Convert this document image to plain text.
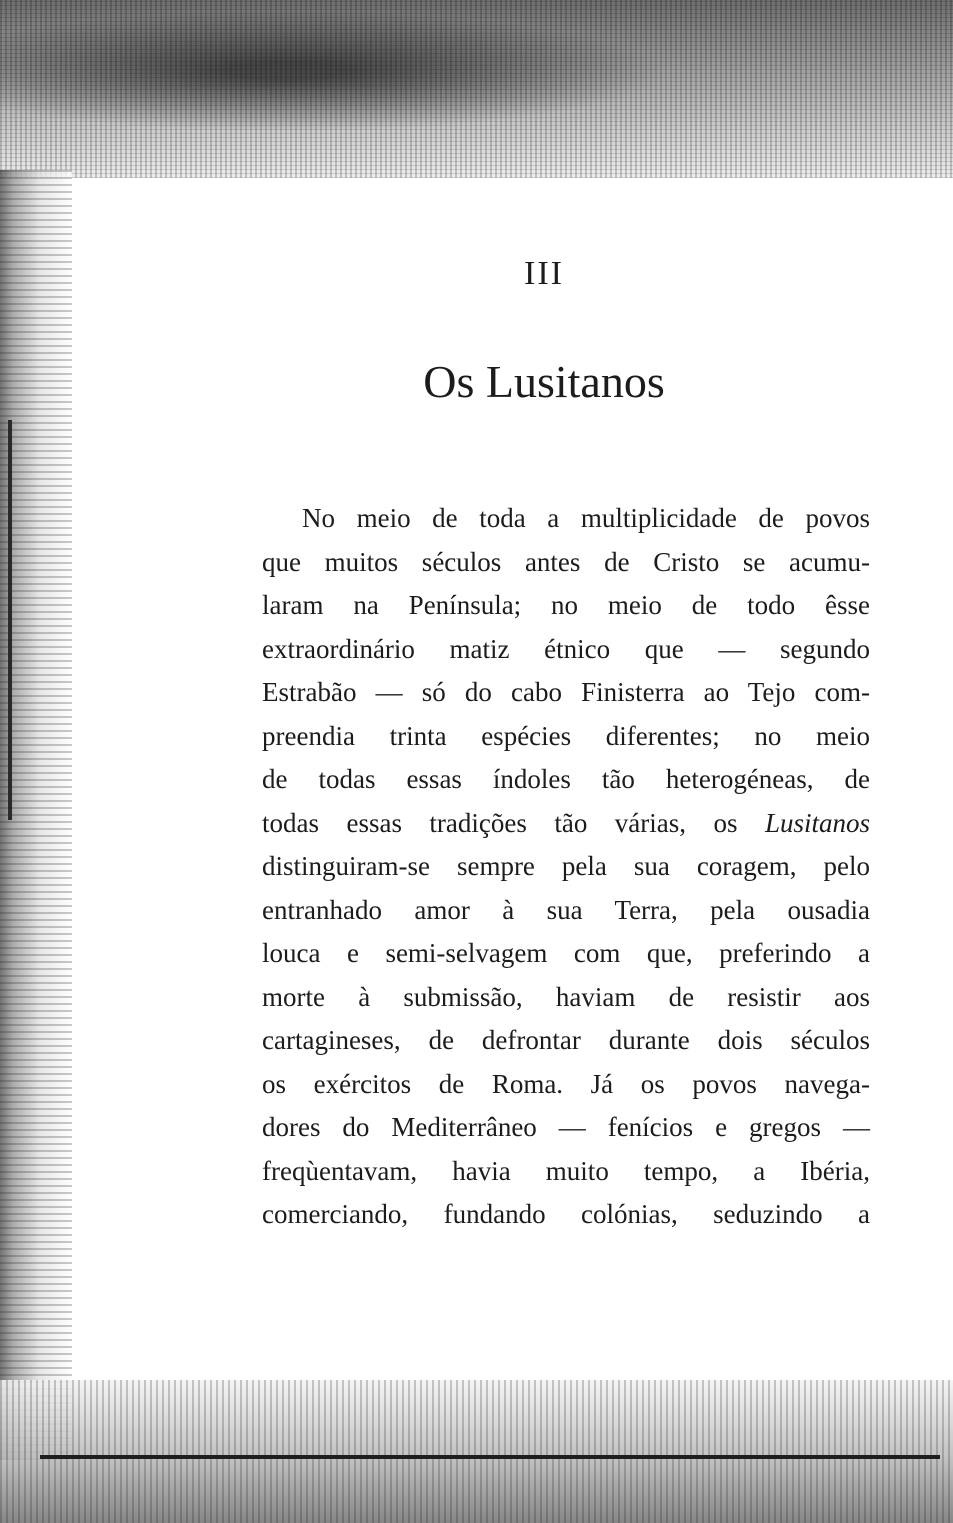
III
Os Lusitanos
No meio de toda a multiplicidade de povos
que muitos séculos antes de Cristo se acumu-
laram na Península; no meio de todo êsse
extraordinário matiz étnico que — segundo
Estrabão — só do cabo Finisterra ao Tejo com-
preendia trinta espécies diferentes; no meio
de todas essas índoles tão heterogéneas, de
todas essas tradições tão várias, os Lusitanos
distinguiram-se sempre pela sua coragem, pelo
entranhado amor à sua Terra, pela ousadia
louca e semi-selvagem com que, preferindo a
morte à submissão, haviam de resistir aos
cartagineses, de defrontar durante dois séculos
os exércitos de Roma. Já os povos navega-
dores do Mediterrâneo — fenícios e gregos —
freqùentavam, havia muito tempo, a Ibéria,
comerciando, fundando colónias, seduzindo a
